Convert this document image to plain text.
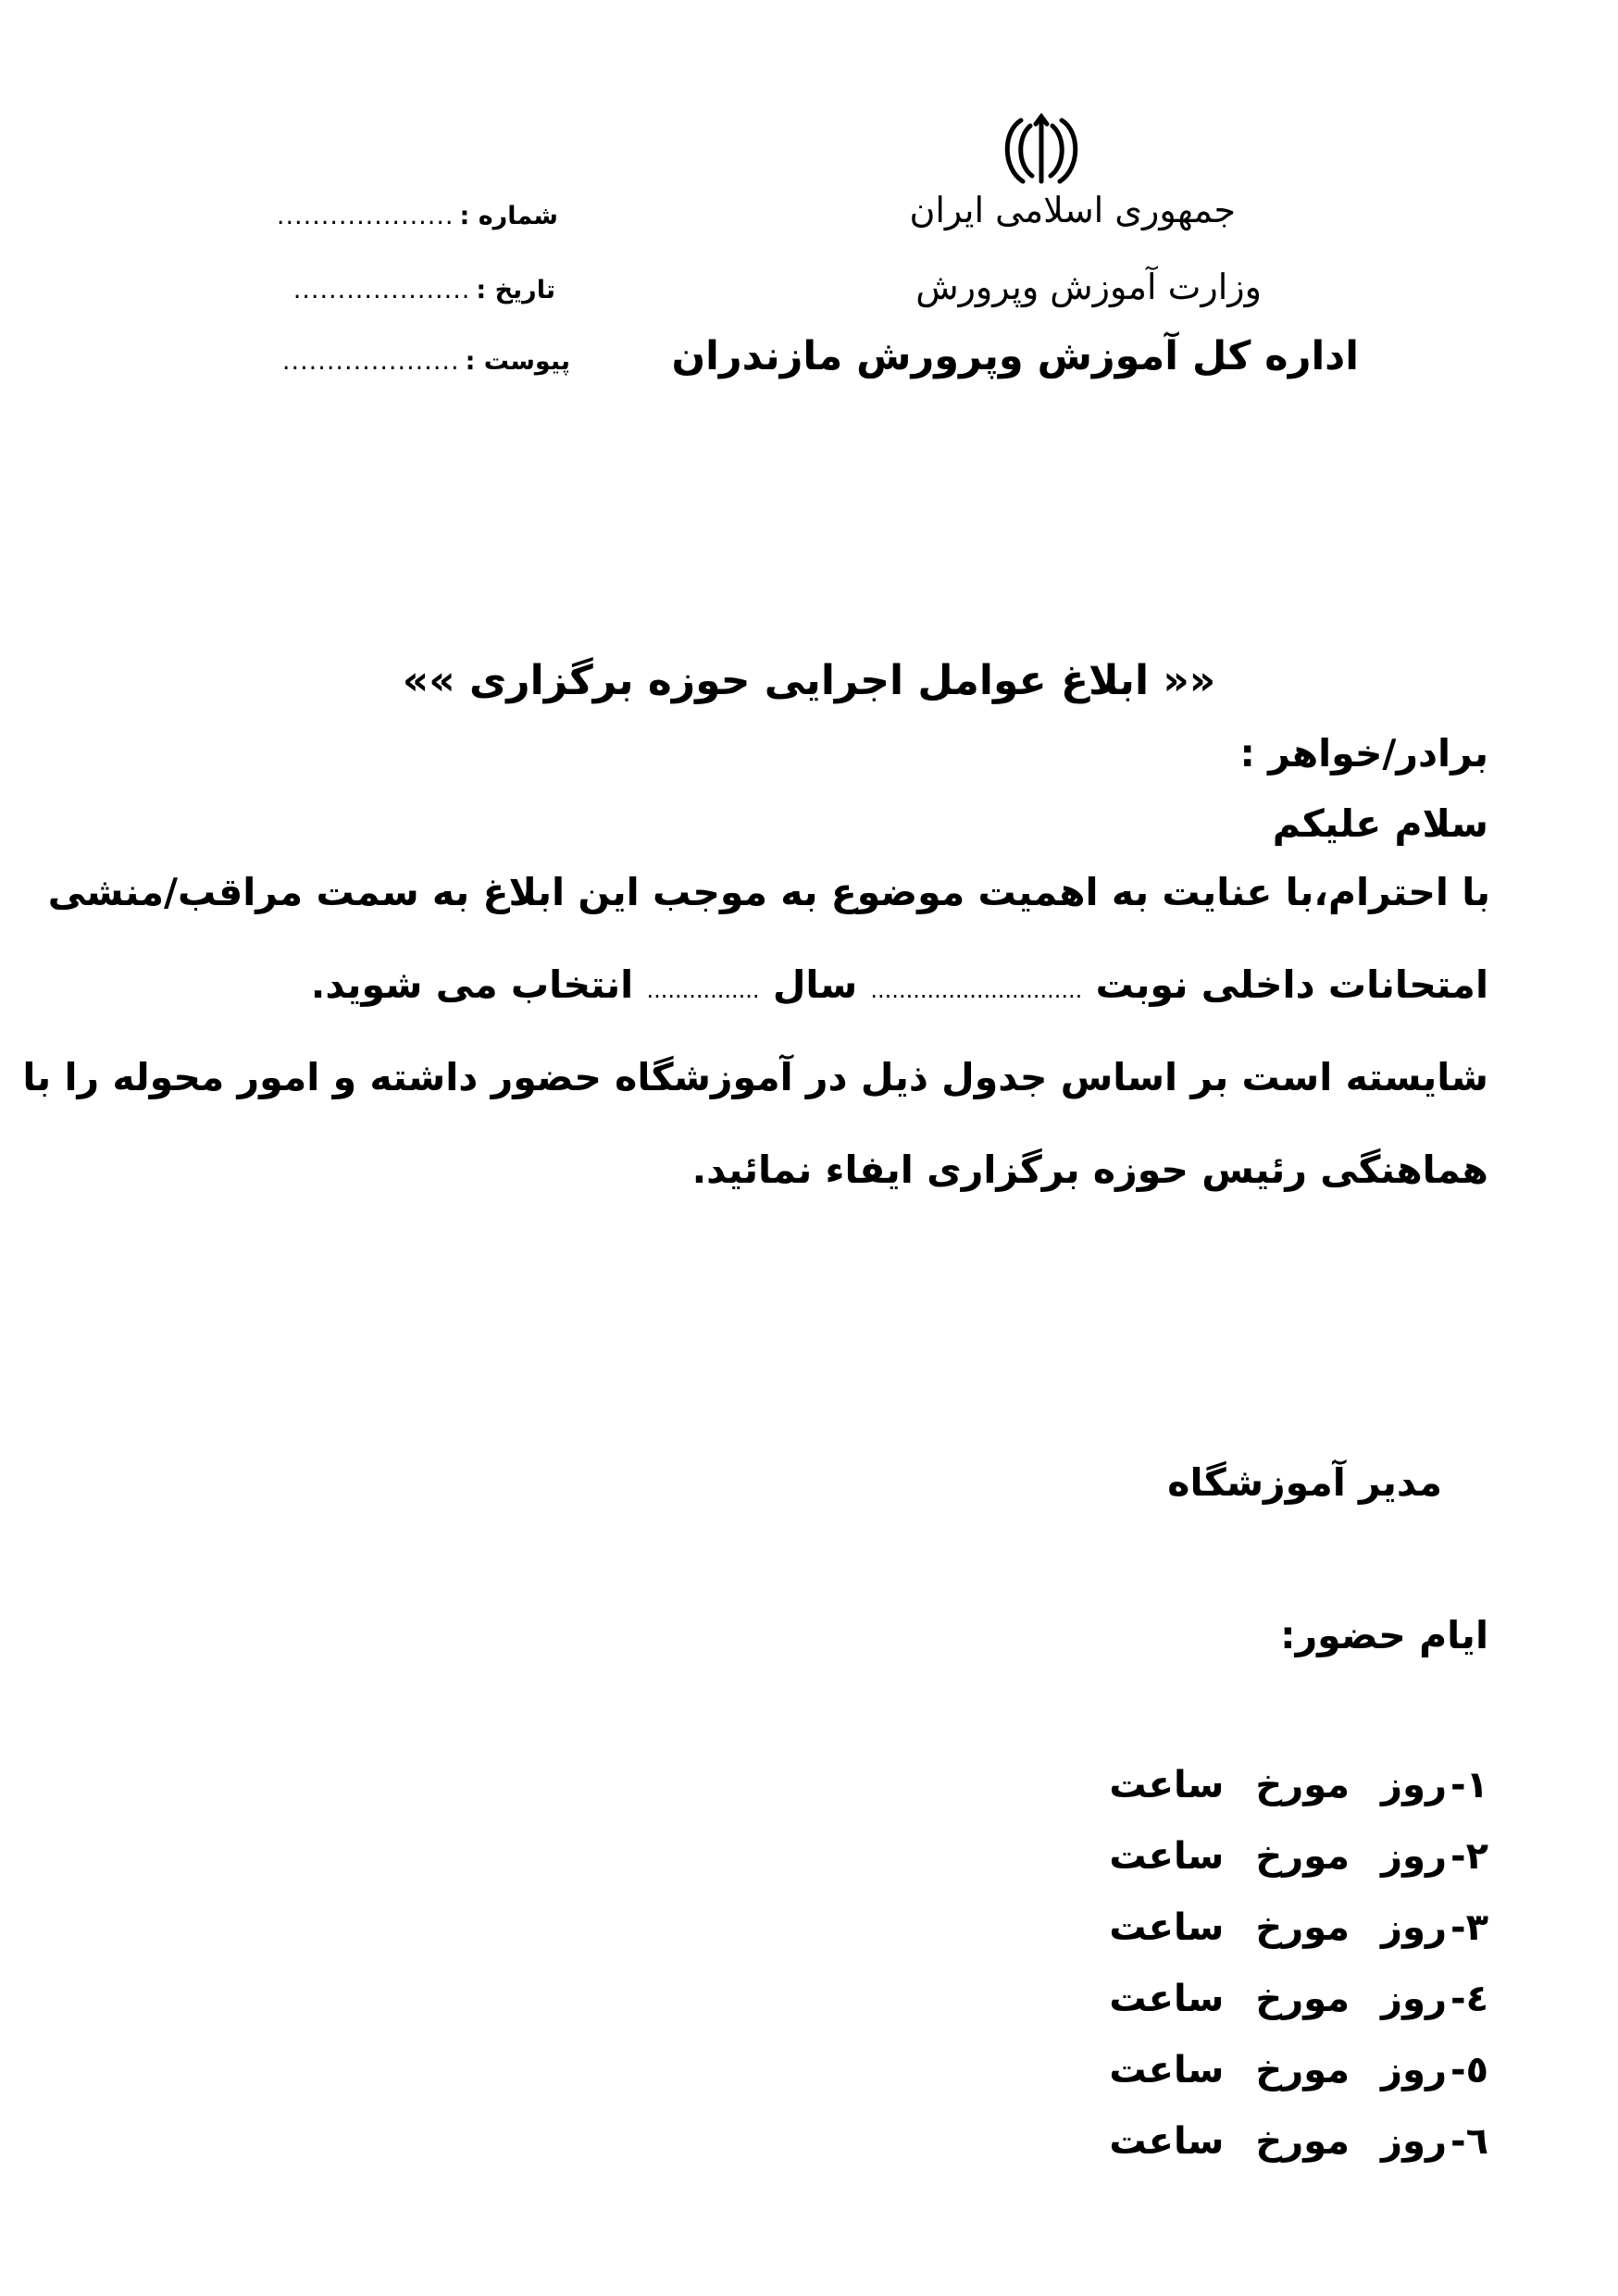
جمهوری اسلامی ایران
وزارت آموزش وپرورش
اداره کل آموزش وپرورش مازندران
شماره :
....................
تاریخ :
....................
پیوست :
....................
«« ابلاغ عوامل اجرایی حوزه برگزاری »»
برادر/خواهر :
سلام علیکم
با احترام،با عنایت به اهمیت موضوع به موجب این ابلاغ به سمت مراقب/منشی
امتحانات داخلی نوبت .............................. سال ................ انتخاب می شوید.
شایسته است بر اساس جدول ذیل در آموزشگاه حضور داشته و امور محوله را با
هماهنگی رئیس حوزه برگزاری ایفاء نمائید.
مدیر آموزشگاه
ایام حضور:
۱-
روز
مورخ
ساعت
۲-
روز
مورخ
ساعت
۳-
روز
مورخ
ساعت
٤-
روز
مورخ
ساعت
٥-
روز
مورخ
ساعت
٦-
روز
مورخ
ساعت
